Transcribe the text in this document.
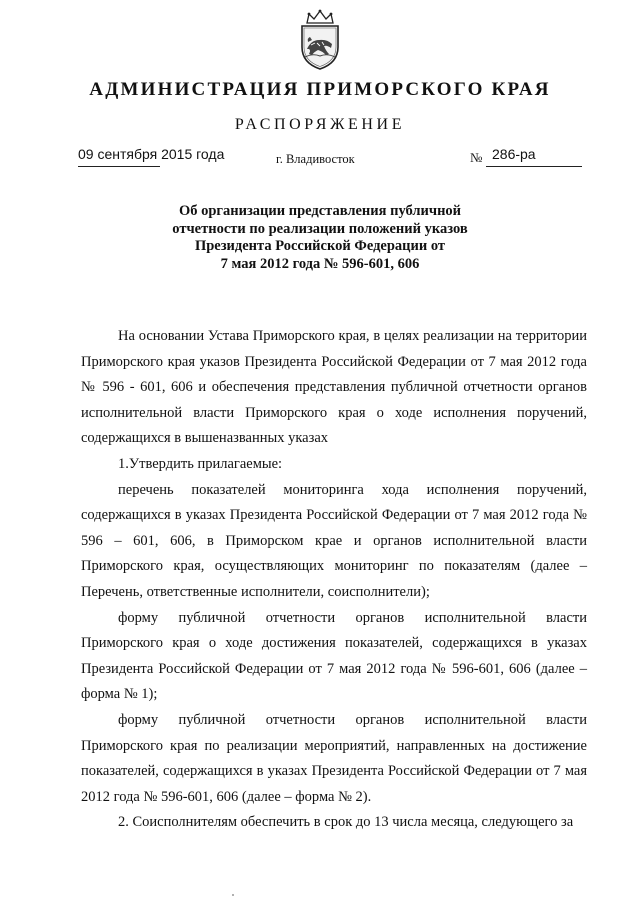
АДМИНИСТРАЦИЯ ПРИМОРСКОГО КРАЯ
РАСПОРЯЖЕНИЕ
09 сентября 2015 года	г. Владивосток	№ 286-ра
Об организации представления публичной
отчетности по реализации положений указов
Президента Российской Федерации от
7 мая 2012 года № 596-601, 606

На основании Устава Приморского края, в целях реализации на территории Приморского края указов Президента Российской Федерации от 7 мая 2012 года № 596 - 601, 606 и обеспечения представления публичной отчетности органов исполнительной власти Приморского края о ходе исполнения поручений, содержащихся в вышеназванных указах

1.Утвердить прилагаемые:

перечень показателей мониторинга хода исполнения поручений, содержащихся в указах Президента Российской Федерации от 7 мая 2012 года № 596 – 601, 606, в Приморском крае и органов исполнительной власти Приморского края, осуществляющих мониторинг по показателям (далее – Перечень, ответственные исполнители, соисполнители);

форму публичной отчетности органов исполнительной власти Приморского края о ходе достижения показателей, содержащихся в указах Президента Российской Федерации от 7 мая 2012 года № 596-601, 606 (далее – форма № 1);

форму публичной отчетности органов исполнительной власти Приморского края по реализации мероприятий, направленных на достижение показателей, содержащихся в указах Президента Российской Федерации от 7 мая 2012 года № 596-601, 606 (далее – форма № 2).

2. Соисполнителям обеспечить в срок до 13 числа месяца, следующего за
